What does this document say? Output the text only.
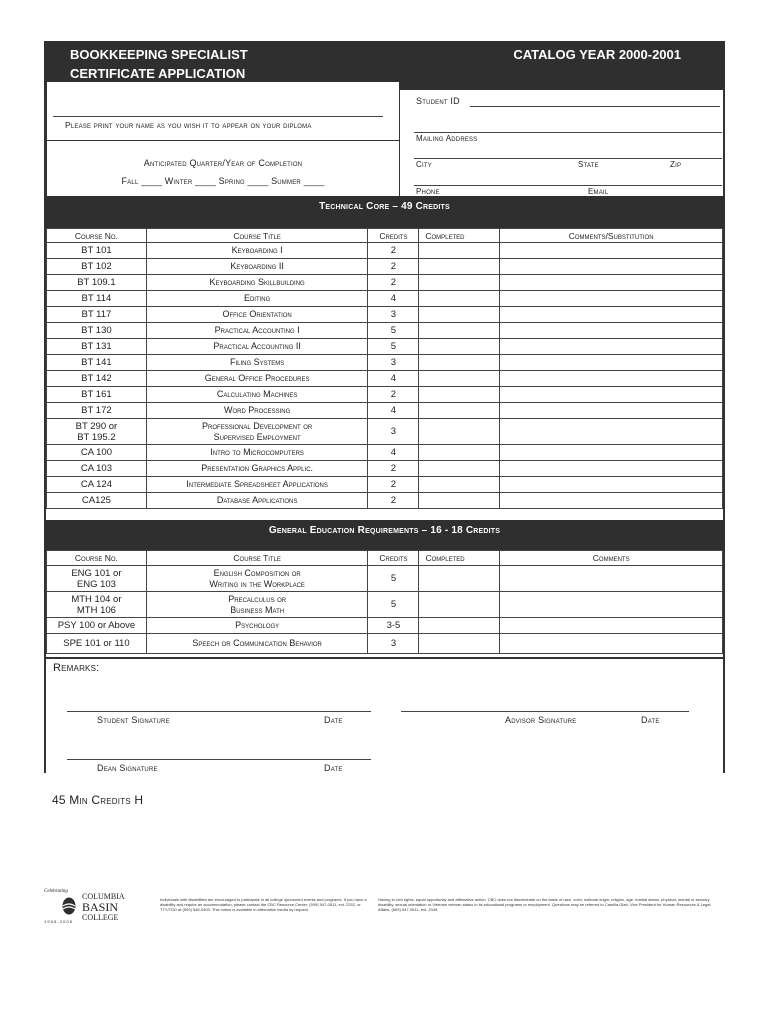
BOOKKEEPING SPECIALIST
CERTIFICATE APPLICATION
CATALOG YEAR 2000-2001
Please print your name as you wish it to appear on your diploma
Anticipated Quarter/Year of Completion
Fall ____ Winter ____ Spring ____ Summer ____
Student ID
Mailing Address
City	State	Zip
Phone	Email
Technical Core – 49 Credits
Course No.	Course Title	Credits	Completed	Comments/Substitution
BT 101	Keyboarding I	2		
BT 102	Keyboarding II	2		
BT 109.1	Keyboarding Skillbuilding	2		
BT 114	Editing	4		
BT 117	Office Orientation	3		
BT 130	Practical Accounting I	5		
BT 131	Practical Accounting II	5		
BT 141	Filing Systems	3		
BT 142	General Office Procedures	4		
BT 161	Calculating Machines	2		
BT 172	Word Processing	4		
BT 290 or
BT 195.2	Professional Development or
Supervised Employment	3		
CA 100	Intro to Microcomputers	4		
CA 103	Presentation Graphics Applic.	2		
CA 124	Intermediate Spreadsheet Applications	2		
CA125	Database Applications	2		
General Education Requirements – 16 - 18 Credits
Course No.	Course Title	Credits	Completed	Comments
ENG 101 or
ENG 103	English Composition or
Writing in the Workplace	5		
MTH 104 or
MTH 106	Precalculus or
Business Math	5		
PSY 100 or Above	Psychology	3-5		
SPE 101 or 110	Speech or Communication Behavior	3		
Remarks:
Student Signature	Date	Advisor Signature	Date
Dean Signature	Date
45 Min Credits H
Celebrating
COLUMBIA
BASIN
COLLEGE
1 9 5 5 - 2 0 0 5
Individuals with disabilities are encouraged to participate in all college sponsored events and programs. If you have a disability and require an accommodation, please contact the CBC Resource Center, (509) 547-0511, ext. 2252, or TTY/TDD at (509) 546-0400. This notice is available in alternative media by request.
Having to civil rights, equal opportunity and affirmative action. CBC does not discriminate on the basis of race, color, national origin, religion, age, marital status, physical, mental or sensory disability, sexual orientation or Vietnam veteran status in its educational programs or employment. Questions may be referred to Camilla Glatt, Vice President for Human Resources & Legal Affairs, (509) 547-0511, ext. 2349.
